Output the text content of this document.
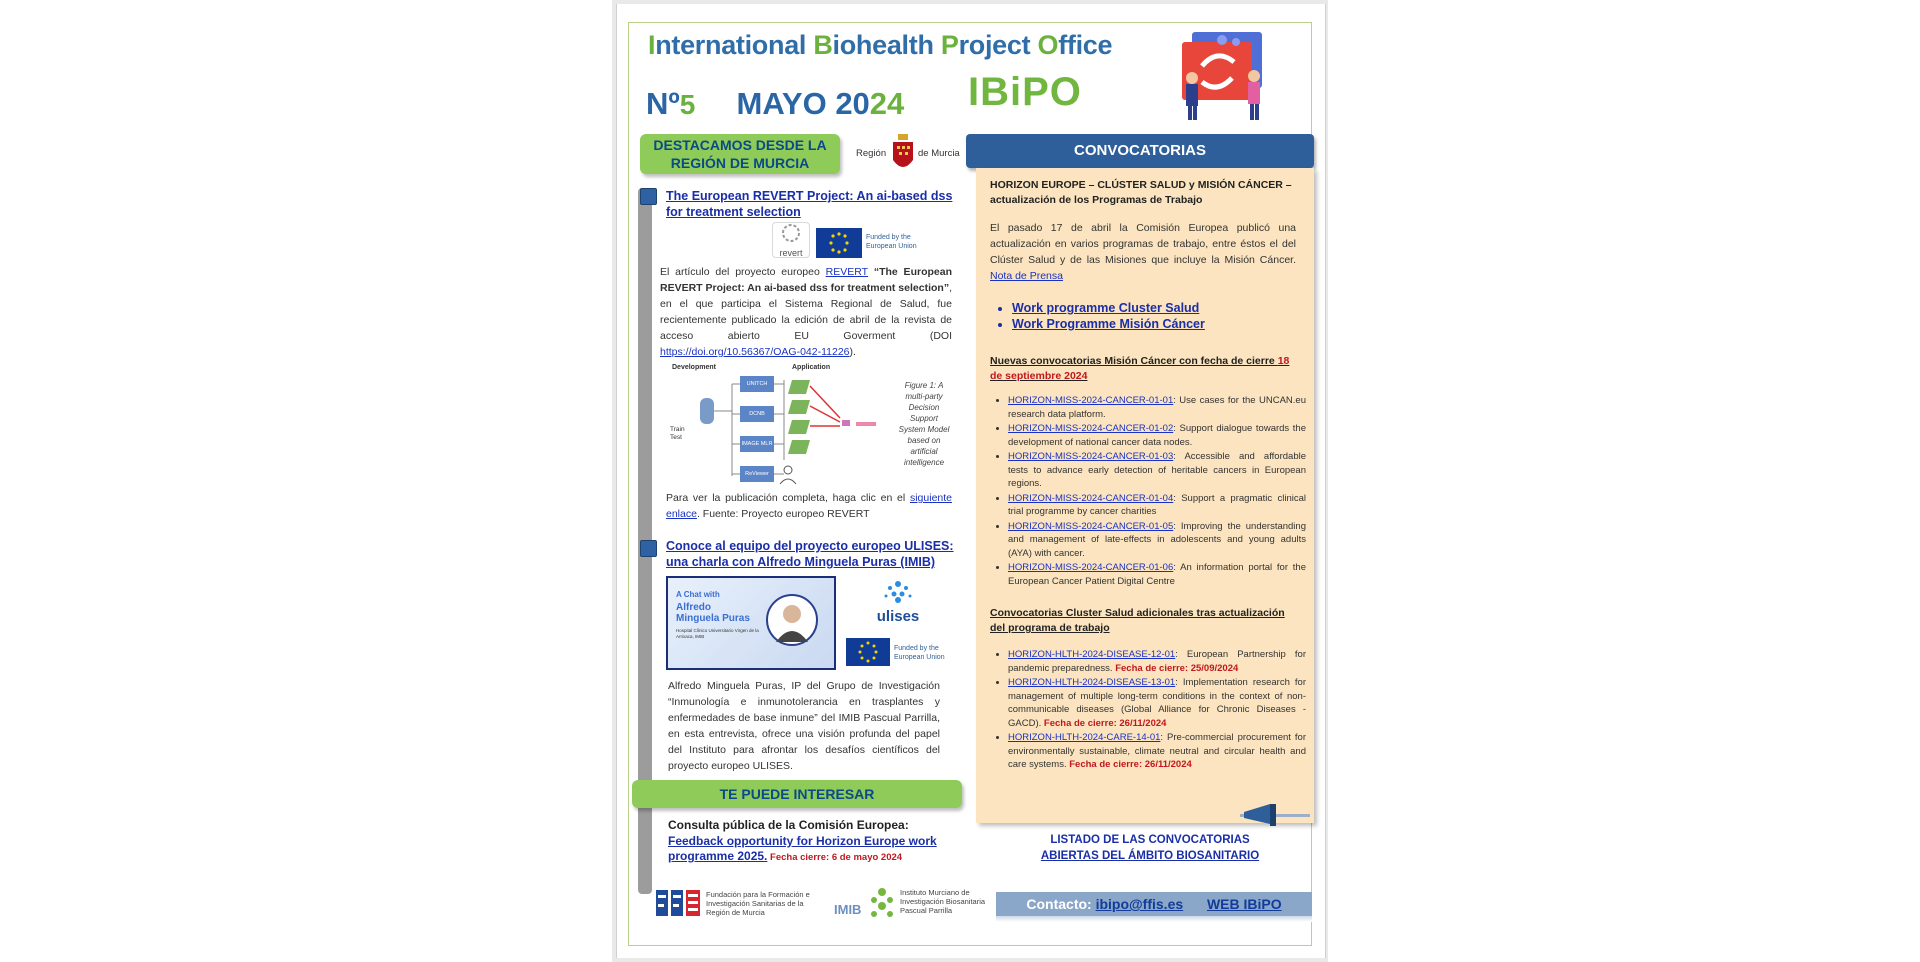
International Biohealth Project Office
Nº5 MAYO 2024 IBiPO
DESTACAMOS DESDE LA REGIÓN DE MURCIA
Región	de Murcia
The European REVERT Project: An ai-based dss for treatment selection
revert
Funded by the European Union
El artículo del proyecto europeo REVERT “The European REVERT Project: An ai-based dss for treatment selection”, en el que participa el Sistema Regional de Salud, fue recientemente publicado la edición de abril de la revista de acceso abierto EU Goverment (DOI https://doi.org/10.56367/OAG-042-11226).
Development	Application
Train Test
UNITCH
DCNB
IMAGE MLR
ReViewer
Figure 1: A multi-party Decision Support System Model based on artificial intelligence
Para ver la publicación completa, haga clic en el siguiente enlace. Fuente: Proyecto europeo REVERT
Conoce al equipo del proyecto europeo ULISES: una charla con Alfredo Minguela Puras (IMIB)
A Chat with
Alfredo Minguela Puras
Hospital Clínico Universitario Virgen de la Arrixaca, IMIB
ulises
Funded by the European Union
Alfredo Minguela Puras, IP del Grupo de Investigación “Inmunología e inmunotolerancia en trasplantes y enfermedades de base inmune” del IMIB Pascual Parrilla, en esta entrevista, ofrece una visión profunda del papel del Instituto para afrontar los desafíos científicos del proyecto europeo ULISES.
TE PUEDE INTERESAR
Consulta pública de la Comisión Europea:
Feedback opportunity for Horizon Europe work programme 2025. Fecha cierre: 6 de mayo 2024
Fundación para la Formación e Investigación Sanitarias de la Región de Murcia	IMIB
Instituto Murciano de Investigación Biosanitaria Pascual Parrilla
CONVOCATORIAS
HORIZON EUROPE – CLÚSTER SALUD y MISIÓN CÁNCER – actualización de los Programas de Trabajo
El pasado 17 de abril la Comisión Europea publicó una actualización en varios programas de trabajo, entre éstos el del Clúster Salud y de las Misiones que incluye la Misión Cáncer. Nota de Prensa
• Work programme Cluster Salud
• Work Programme Misión Cáncer
Nuevas convocatorias Misión Cáncer con fecha de cierre 18 de septiembre 2024
• HORIZON-MISS-2024-CANCER-01-01: Use cases for the UNCAN.eu research data platform.
• HORIZON-MISS-2024-CANCER-01-02: Support dialogue towards the development of national cancer data nodes.
• HORIZON-MISS-2024-CANCER-01-03: Accessible and affordable tests to advance early detection of heritable cancers in European regions.
• HORIZON-MISS-2024-CANCER-01-04: Support a pragmatic clinical trial programme by cancer charities
• HORIZON-MISS-2024-CANCER-01-05: Improving the understanding and management of late-effects in adolescents and young adults (AYA) with cancer.
• HORIZON-MISS-2024-CANCER-01-06: An information portal for the European Cancer Patient Digital Centre
Convocatorias Cluster Salud adicionales tras actualización del programa de trabajo
• HORIZON-HLTH-2024-DISEASE-12-01: European Partnership for pandemic preparedness. Fecha de cierre: 25/09/2024
• HORIZON-HLTH-2024-DISEASE-13-01: Implementation research for management of multiple long-term conditions in the context of non-communicable diseases (Global Alliance for Chronic Diseases - GACD). Fecha de cierre: 26/11/2024
• HORIZON-HLTH-2024-CARE-14-01: Pre-commercial procurement for environmentally sustainable, climate neutral and circular health and care systems. Fecha de cierre: 26/11/2024
LISTADO DE LAS CONVOCATORIAS
ABIERTAS DEL ÁMBITO BIOSANITARIO
Contacto: ibipo@ffis.es WEB IBiPO
